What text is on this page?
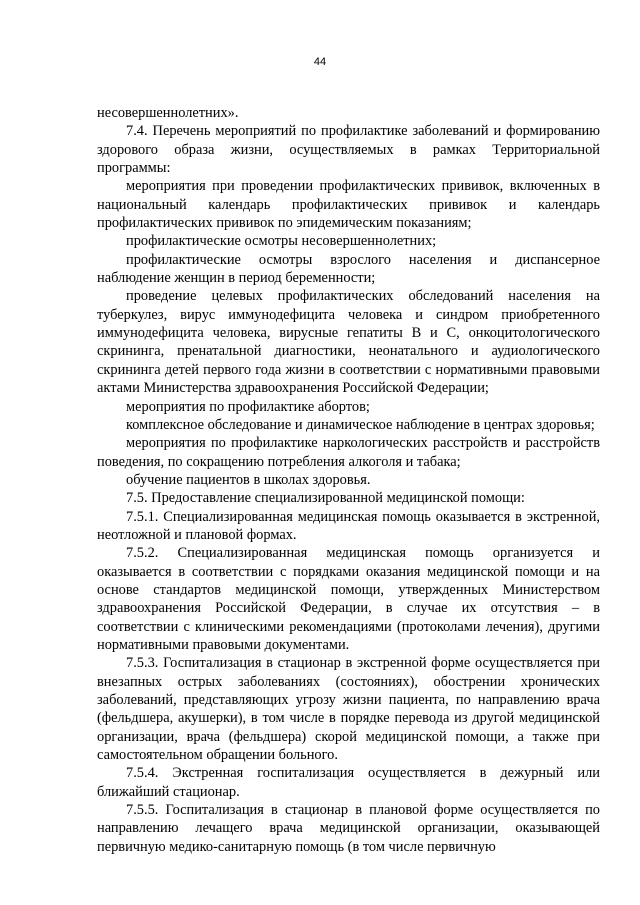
44

несовершеннолетних».

7.4. Перечень мероприятий по профилактике заболеваний и формированию здорового образа жизни, осуществляемых в рамках Территориальной программы:

мероприятия при проведении профилактических прививок, включенных в национальный календарь профилактических прививок и календарь профилактических прививок по эпидемическим показаниям;

профилактические осмотры несовершеннолетних;

профилактические осмотры взрослого населения и диспансерное наблюдение женщин в период беременности;

проведение целевых профилактических обследований населения на туберкулез, вирус иммунодефицита человека и синдром приобретенного иммунодефицита человека, вирусные гепатиты В и С, онкоцитологического скрининга, пренатальной диагностики, неонатального и аудиологического скрининга детей первого года жизни в соответствии с нормативными правовыми актами Министерства здравоохранения Российской Федерации;

мероприятия по профилактике абортов;

комплексное обследование и динамическое наблюдение в центрах здоровья;

мероприятия по профилактике наркологических расстройств и расстройств поведения, по сокращению потребления алкоголя и табака;

обучение пациентов в школах здоровья.

7.5. Предоставление специализированной медицинской помощи:

7.5.1. Специализированная медицинская помощь оказывается в экстренной, неотложной и плановой формах.

7.5.2. Специализированная медицинская помощь организуется и оказывается в соответствии с порядками оказания медицинской помощи и на основе стандартов медицинской помощи, утвержденных Министерством здравоохранения Российской Федерации, в случае их отсутствия – в соответствии с клиническими рекомендациями (протоколами лечения), другими нормативными правовыми документами.

7.5.3. Госпитализация в стационар в экстренной форме осуществляется при внезапных острых заболеваниях (состояниях), обострении хронических заболеваний, представляющих угрозу жизни пациента, по направлению врача (фельдшера, акушерки), в том числе в порядке перевода из другой медицинской организации, врача (фельдшера) скорой медицинской помощи, а также при самостоятельном обращении больного.

7.5.4. Экстренная госпитализация осуществляется в дежурный или ближайший стационар.

7.5.5. Госпитализация в стационар в плановой форме осуществляется по направлению лечащего врача медицинской организации, оказывающей первичную медико-санитарную помощь (в том числе первичную
